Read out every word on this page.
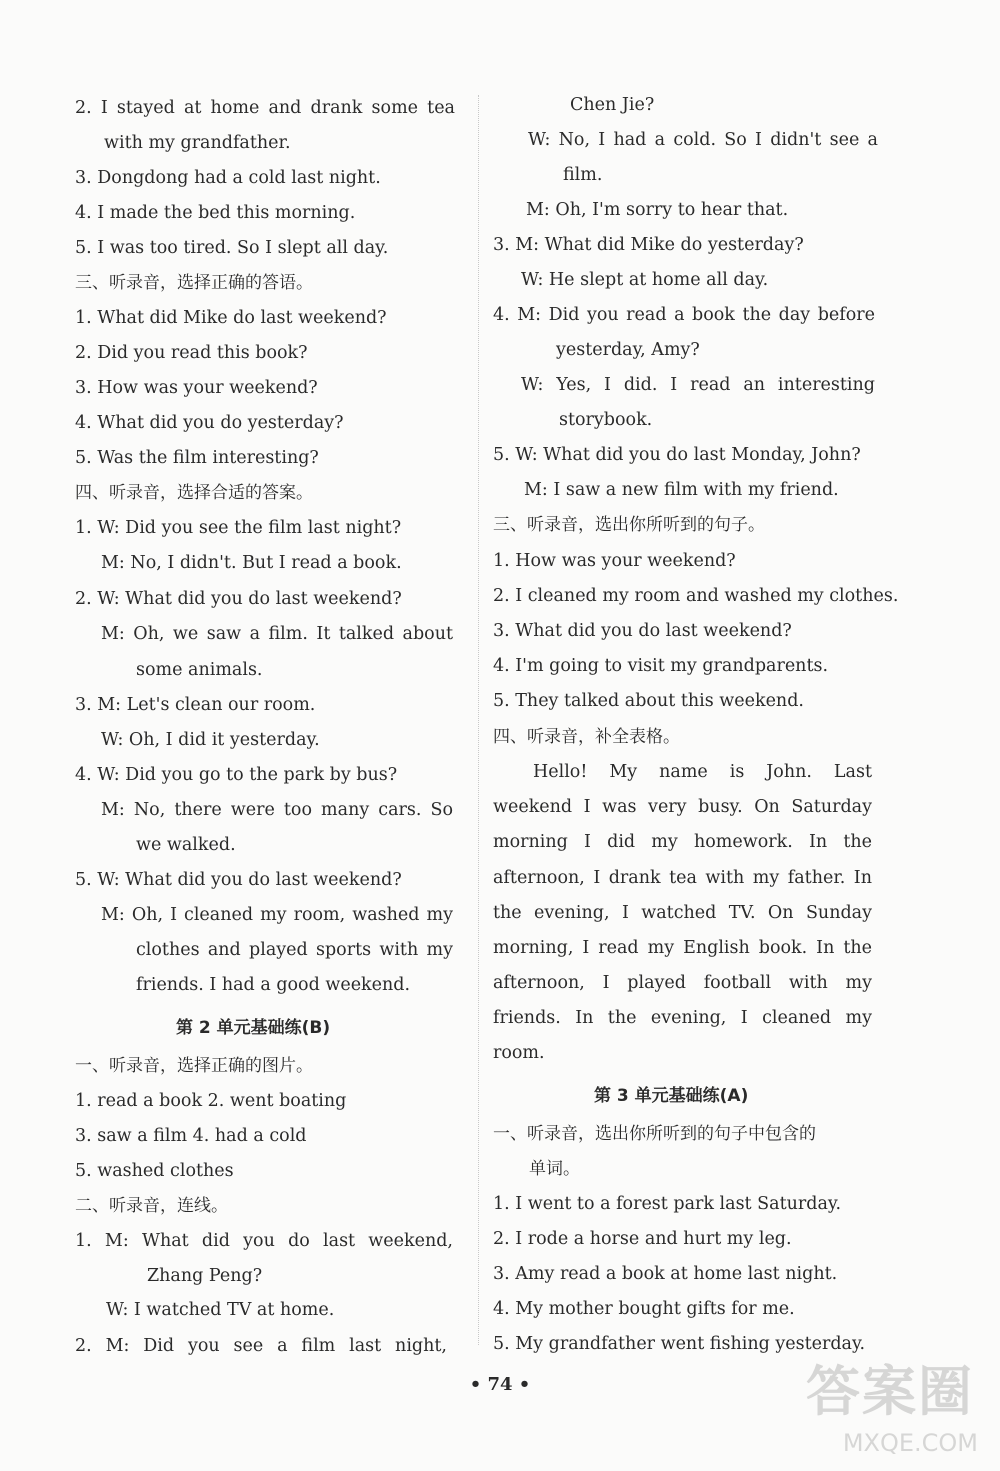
2. I stayed at home and drank some tea
with my grandfather.
3. Dongdong had a cold last night.
4. I made the bed this morning.
5. I was too tired. So I slept all day.
三、听录音，选择正确的答语。
1. What did Mike do last weekend?
2. Did you read this book?
3. How was your weekend?
4. What did you do yesterday?
5. Was the film interesting?
四、听录音，选择合适的答案。
1. W: Did you see the film last night?
M: No, I didn't. But I read a book.
2. W: What did you do last weekend?
M: Oh, we saw a film. It talked about
some animals.
3. M: Let's clean our room.
W: Oh, I did it yesterday.
4. W: Did you go to the park by bus?
M: No, there were too many cars. So
we walked.
5. W: What did you do last weekend?
M: Oh, I cleaned my room, washed my
clothes and played sports with my
friends. I had a good weekend.
第 2 单元基础练(B)
一、听录音，选择正确的图片。
1. read a book 2. went boating
3. saw a film 4. had a cold
5. washed clothes
二、听录音，连线。
1. M: What did you do last weekend,
Zhang Peng?
W: I watched TV at home.
2. M: Did you see a film last night,
Chen Jie?
W: No, I had a cold. So I didn't see a
film.
M: Oh, I'm sorry to hear that.
3. M: What did Mike do yesterday?
W: He slept at home all day.
4. M: Did you read a book the day before
yesterday, Amy?
W: Yes, I did. I read an interesting
storybook.
5. W: What did you do last Monday, John?
M: I saw a new film with my friend.
三、听录音，选出你所听到的句子。
1. How was your weekend?
2. I cleaned my room and washed my clothes.
3. What did you do last weekend?
4. I'm going to visit my grandparents.
5. They talked about this weekend.
四、听录音，补全表格。
Hello! My name is John. Last
weekend I was very busy. On Saturday
morning I did my homework. In the
afternoon, I drank tea with my father. In
the evening, I watched TV. On Sunday
morning, I read my English book. In the
afternoon, I played football with my
friends. In the evening, I cleaned my
room.
第 3 单元基础练(A)
一、听录音，选出你所听到的句子中包含的
单词。
1. I went to a forest park last Saturday.
2. I rode a horse and hurt my leg.
3. Amy read a book at home last night.
4. My mother bought gifts for me.
5. My grandfather went fishing yesterday.
• 74 •	答案圈
MXQE.COM
